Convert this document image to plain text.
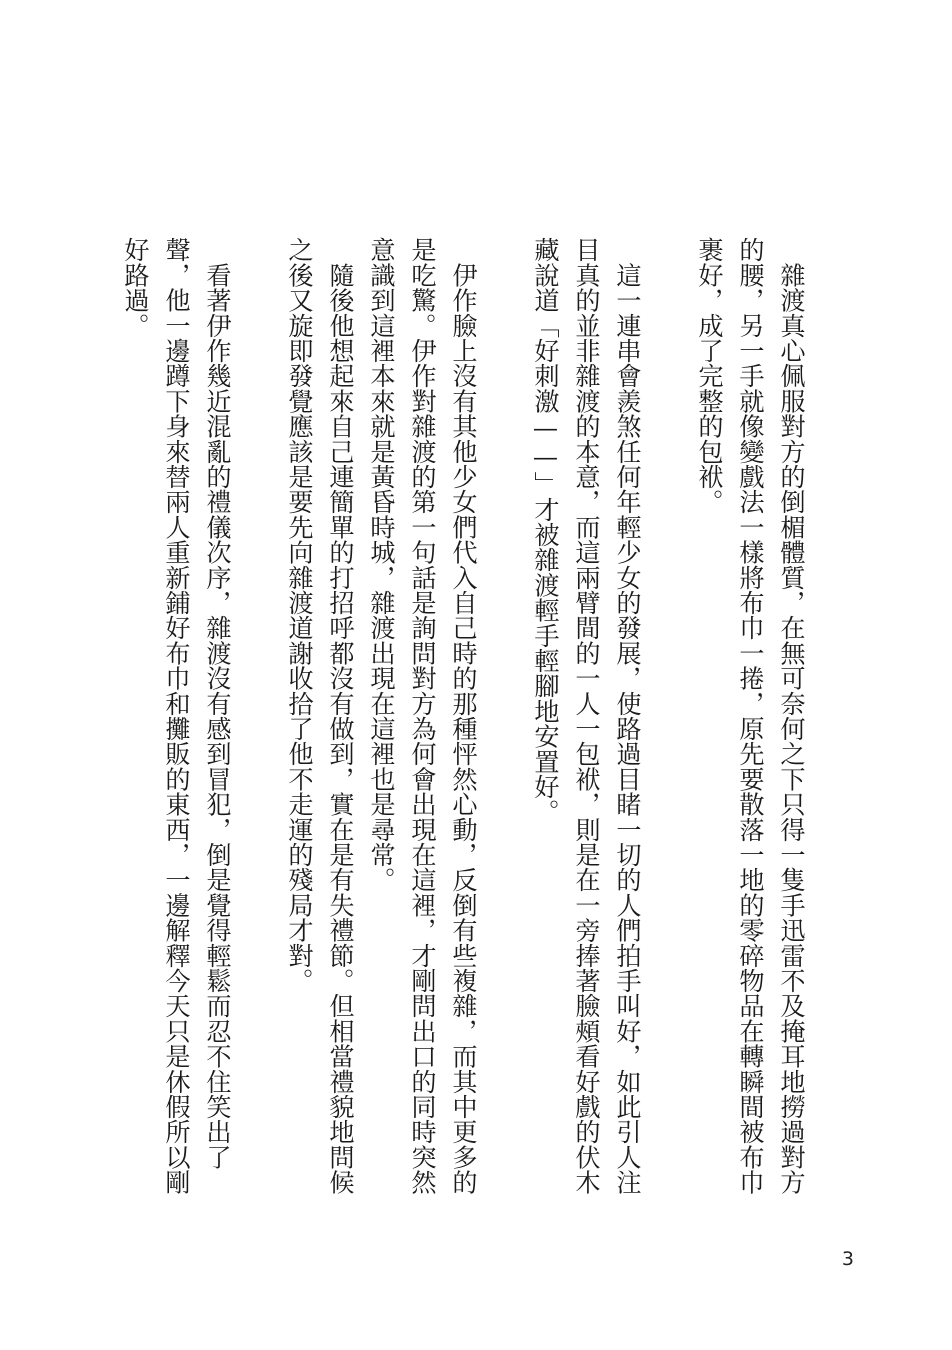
　雜渡真心佩服對方的倒楣體質，在無可奈何之下只得一隻手迅雷不及掩耳地撈過對方的腰，另一手就像變戲法一樣將布巾一捲，原先要散落一地的零碎物品在轉瞬間被布巾裹好，成了完整的包袱。

　這一連串會羨煞任何年輕少女的發展，使路過目睹一切的人們拍手叫好，如此引人注目真的並非雜渡的本意，而這兩臂間的一人一包袱，則是在一旁捧著臉頰看好戲的伏木藏說道「好刺激——」才被雜渡輕手輕腳地安置好。

　伊作臉上沒有其他少女們代入自己時的那種怦然心動，反倒有些複雜，而其中更多的是吃驚。伊作對雜渡的第一句話是詢問對方為何會出現在這裡，才剛問出口的同時突然意識到這裡本來就是黃昏時城，雜渡出現在這裡也是尋常。

　隨後他想起來自己連簡單的打招呼都沒有做到，實在是有失禮節。但相當禮貌地問候之後又旋即發覺應該是要先向雜渡道謝收拾了他不走運的殘局才對。

　看著伊作幾近混亂的禮儀次序，雜渡沒有感到冒犯，倒是覺得輕鬆而忍不住笑出了聲，他一邊蹲下身來替兩人重新鋪好布巾和攤販的東西，一邊解釋今天只是休假所以剛好路過。

3
